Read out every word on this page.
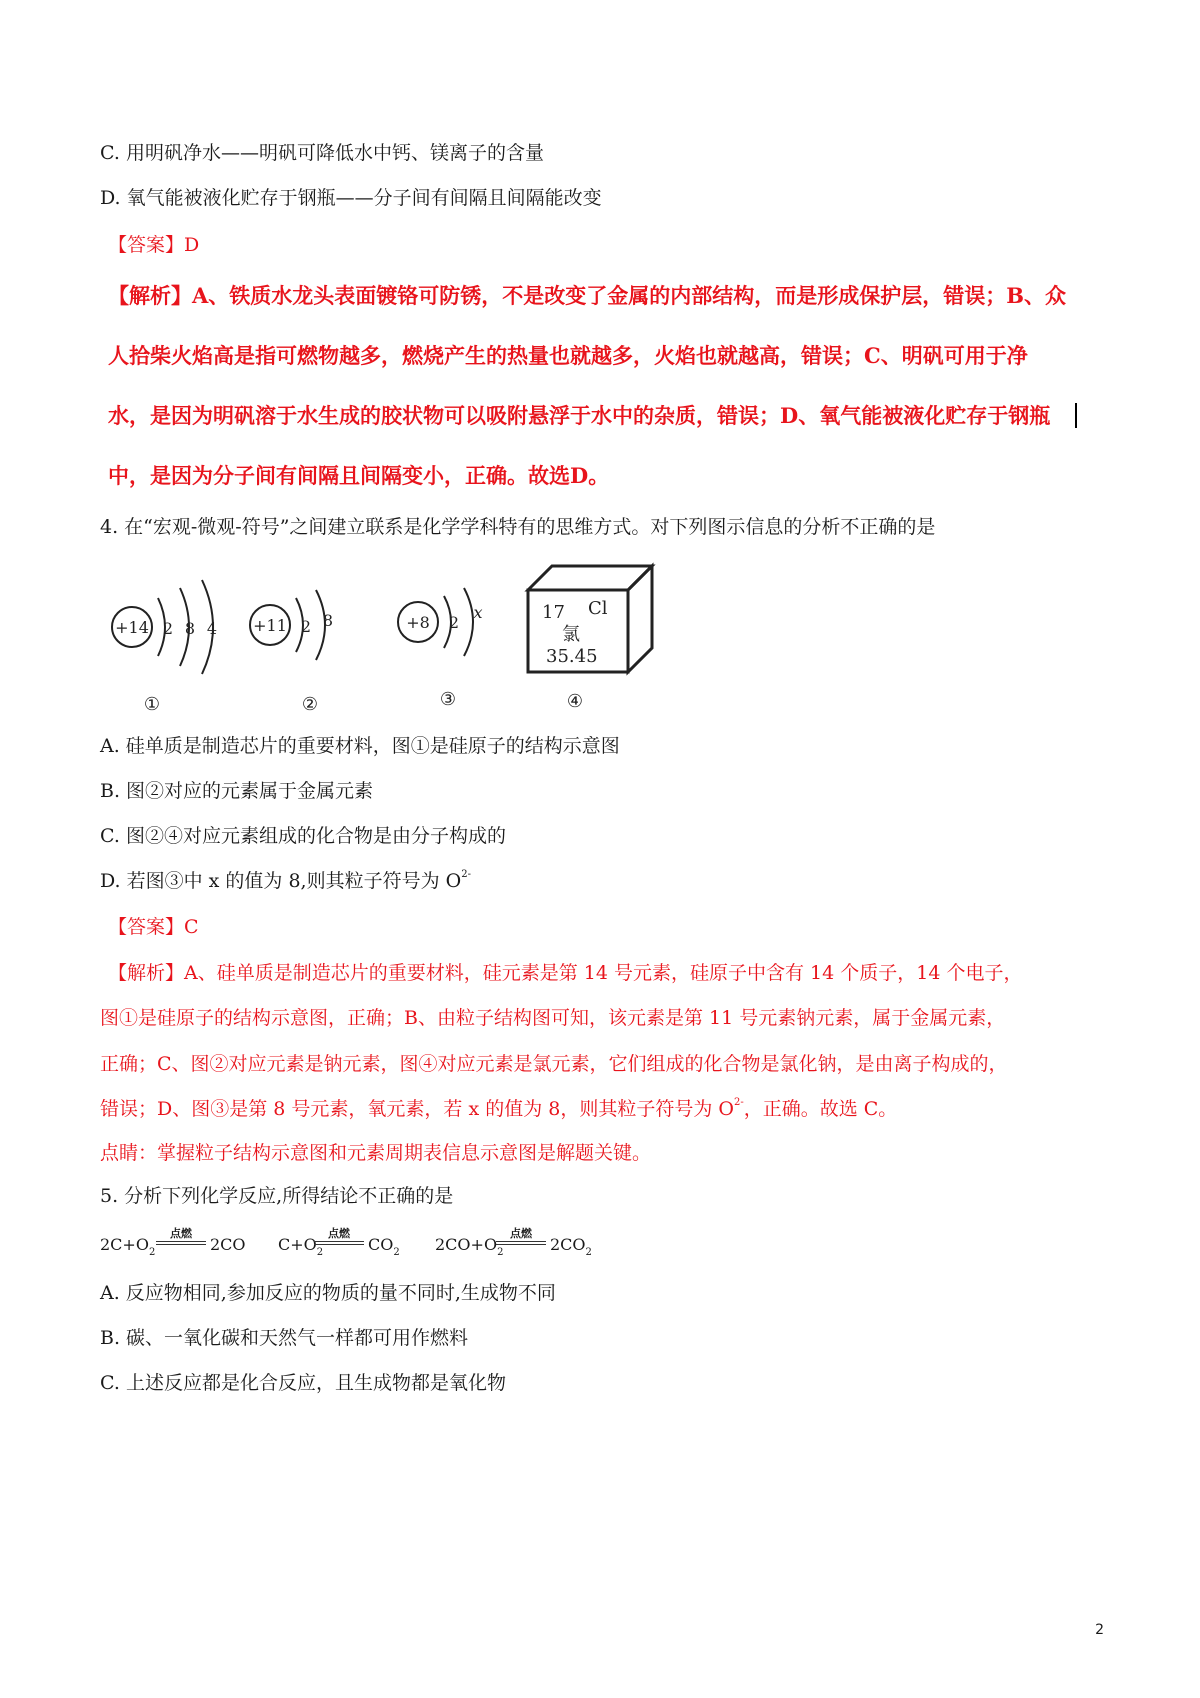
C. 用明矾净水——明矾可降低水中钙、镁离子的含量
D. 氧气能被液化贮存于钢瓶——分子间有间隔且间隔能改变
【答案】D
【解析】A、铁质水龙头表面镀铬可防锈，不是改变了金属的内部结构，而是形成保护层，错误；B、众
人拾柴火焰高是指可燃物越多，燃烧产生的热量也就越多，火焰也就越高，错误；C、明矾可用于净
水，是因为明矾溶于水生成的胶状物可以吸附悬浮于水中的杂质，错误；D、氧气能被液化贮存于钢瓶
中，是因为分子间有间隔且间隔变小，正确。故选D。
4. 在“宏观-微观-符号”之间建立联系是化学学科特有的思维方式。对下列图示信息的分析不正确的是
+14 2 8 4
①
+11 2 8
②
+8 2
x
③
17 Cl
氯
35.45
④
A. 硅单质是制造芯片的重要材料，图①是硅原子的结构示意图
B. 图②对应的元素属于金属元素
C. 图②④对应元素组成的化合物是由分子构成的
D. 若图③中 x 的值为 8,则其粒子符号为 $O^{2-}$
【答案】C
【解析】A、硅单质是制造芯片的重要材料，硅元素是第 14 号元素，硅原子中含有 14 个质子，14 个电子，
图①是硅原子的结构示意图，正确；B、由粒子结构图可知，该元素是第 11 号元素钠元素，属于金属元素，
正确；C、图②对应元素是钠元素，图④对应元素是氯元素，它们组成的化合物是氯化钠，是由离子构成的，
错误；D、图③是第 8 号元素，氧元素，若 x 的值为 8，则其粒子符号为 $O^{2-}$，正确。故选 C。
点睛：掌握粒子结构示意图和元素周期表信息示意图是解题关键。
5. 分析下列化学反应,所得结论不正确的是
$2C+O_2$
点燃
2CO $C+O_2$
点燃
$CO_2$ $2CO+O_2$
点燃
$2CO_2$
A. 反应物相同,参加反应的物质的量不同时,生成物不同
B. 碳、一氧化碳和天然气一样都可用作燃料
C. 上述反应都是化合反应，且生成物都是氧化物
2
